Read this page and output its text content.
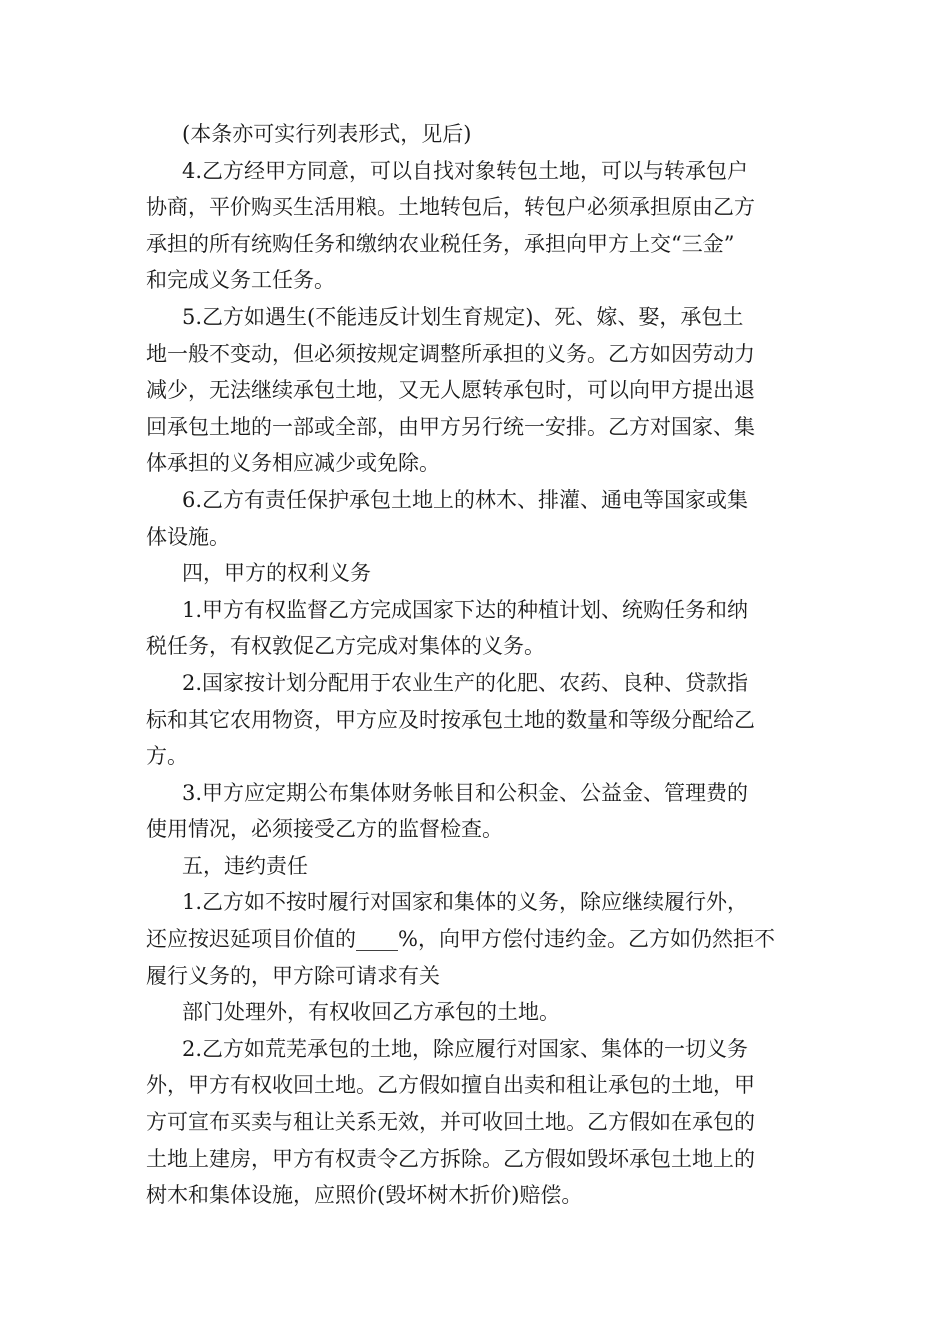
(本条亦可实行列表形式，见后)
4.乙方经甲方同意，可以自找对象转包土地，可以与转承包户
协商，平价购买生活用粮。土地转包后，转包户必须承担原由乙方
承担的所有统购任务和缴纳农业税任务，承担向甲方上交“三金”
和完成义务工任务。
5.乙方如遇生(不能违反计划生育规定)、死、嫁、娶，承包土
地一般不变动，但必须按规定调整所承担的义务。乙方如因劳动力
减少，无法继续承包土地，又无人愿转承包时，可以向甲方提出退
回承包土地的一部或全部，由甲方另行统一安排。乙方对国家、集
体承担的义务相应减少或免除。
6.乙方有责任保护承包土地上的林木、排灌、通电等国家或集
体设施。
四，甲方的权利义务
1.甲方有权监督乙方完成国家下达的种植计划、统购任务和纳
税任务，有权敦促乙方完成对集体的义务。
2.国家按计划分配用于农业生产的化肥、农药、良种、贷款指
标和其它农用物资，甲方应及时按承包土地的数量和等级分配给乙
方。
3.甲方应定期公布集体财务帐目和公积金、公益金、管理费的
使用情况，必须接受乙方的监督检查。
五，违约责任
1.乙方如不按时履行对国家和集体的义务，除应继续履行外，
还应按迟延项目价值的____%，向甲方偿付违约金。乙方如仍然拒不
履行义务的，甲方除可请求有关
部门处理外，有权收回乙方承包的土地。
2.乙方如荒芜承包的土地，除应履行对国家、集体的一切义务
外，甲方有权收回土地。乙方假如擅自出卖和租让承包的土地，甲
方可宣布买卖与租让关系无效，并可收回土地。乙方假如在承包的
土地上建房，甲方有权责令乙方拆除。乙方假如毁坏承包土地上的
树木和集体设施，应照价(毁坏树木折价)赔偿。
